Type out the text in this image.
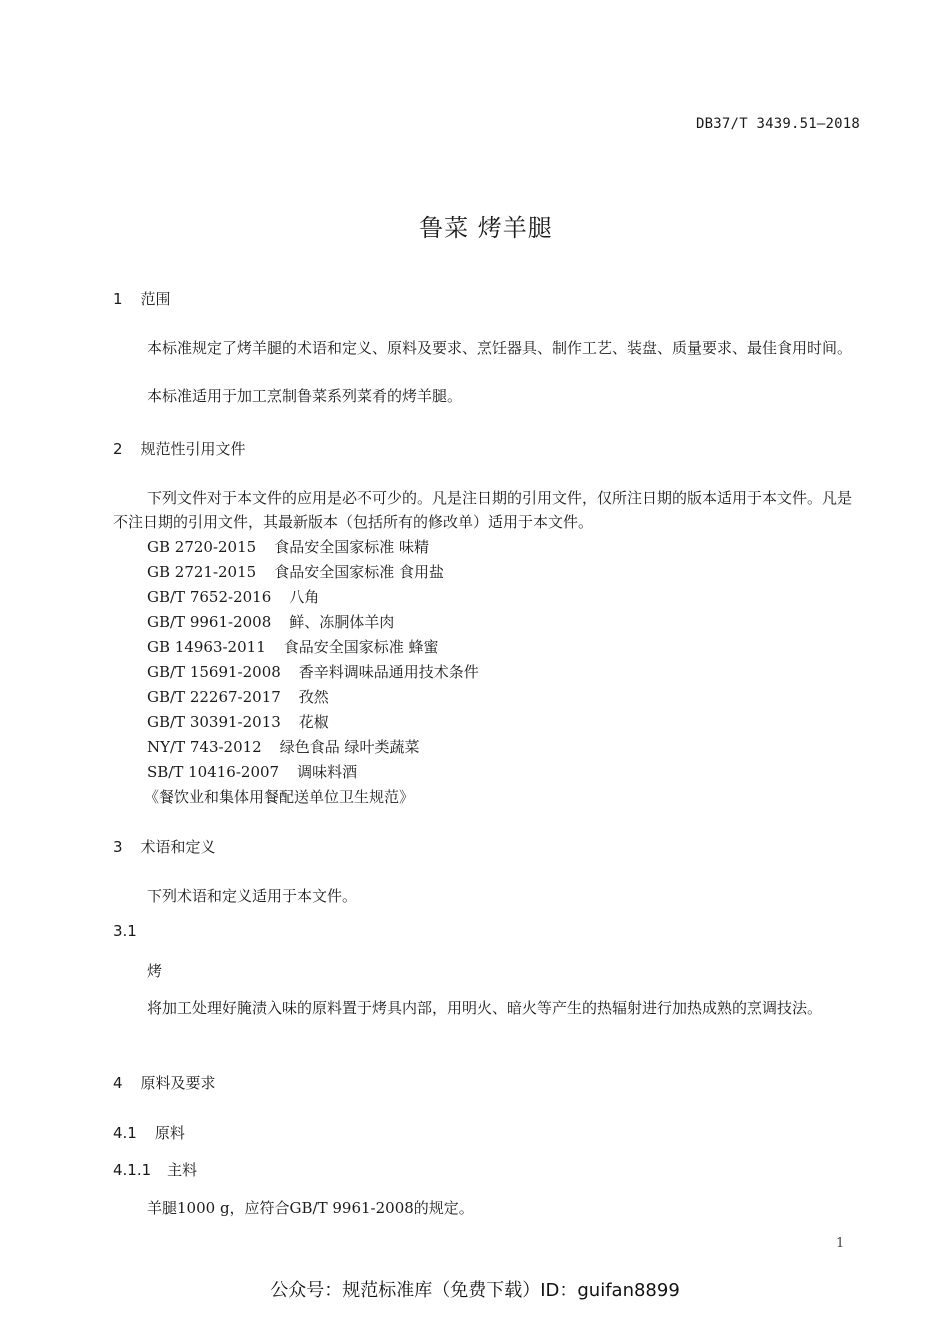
DB37/T 3439.51—2018
鲁菜 烤羊腿
1 范围
本标准规定了烤羊腿的术语和定义、原料及要求、烹饪器具、制作工艺、装盘、质量要求、最佳食用时间。
本标准适用于加工烹制鲁菜系列菜肴的烤羊腿。
2 规范性引用文件
下列文件对于本文件的应用是必不可少的。凡是注日期的引用文件，仅所注日期的版本适用于本文件。凡是不注日期的引用文件，其最新版本（包括所有的修改单）适用于本文件。
GB 2720-2015 食品安全国家标准 味精
GB 2721-2015 食品安全国家标准 食用盐
GB/T 7652-2016 八角
GB/T 9961-2008 鲜、冻胴体羊肉
GB 14963-2011 食品安全国家标准 蜂蜜
GB/T 15691-2008 香辛料调味品通用技术条件
GB/T 22267-2017 孜然
GB/T 30391-2013 花椒
NY/T 743-2012 绿色食品 绿叶类蔬菜
SB/T 10416-2007 调味料酒
《餐饮业和集体用餐配送单位卫生规范》
3 术语和定义
下列术语和定义适用于本文件。
3.1
烤
将加工处理好腌渍入味的原料置于烤具内部，用明火、暗火等产生的热辐射进行加热成熟的烹调技法。
4 原料及要求
4.1 原料
4.1.1 主料
羊腿1000 g，应符合GB/T 9961-2008的规定。
1
公众号：规范标准库（免费下载）ID：guifan8899
